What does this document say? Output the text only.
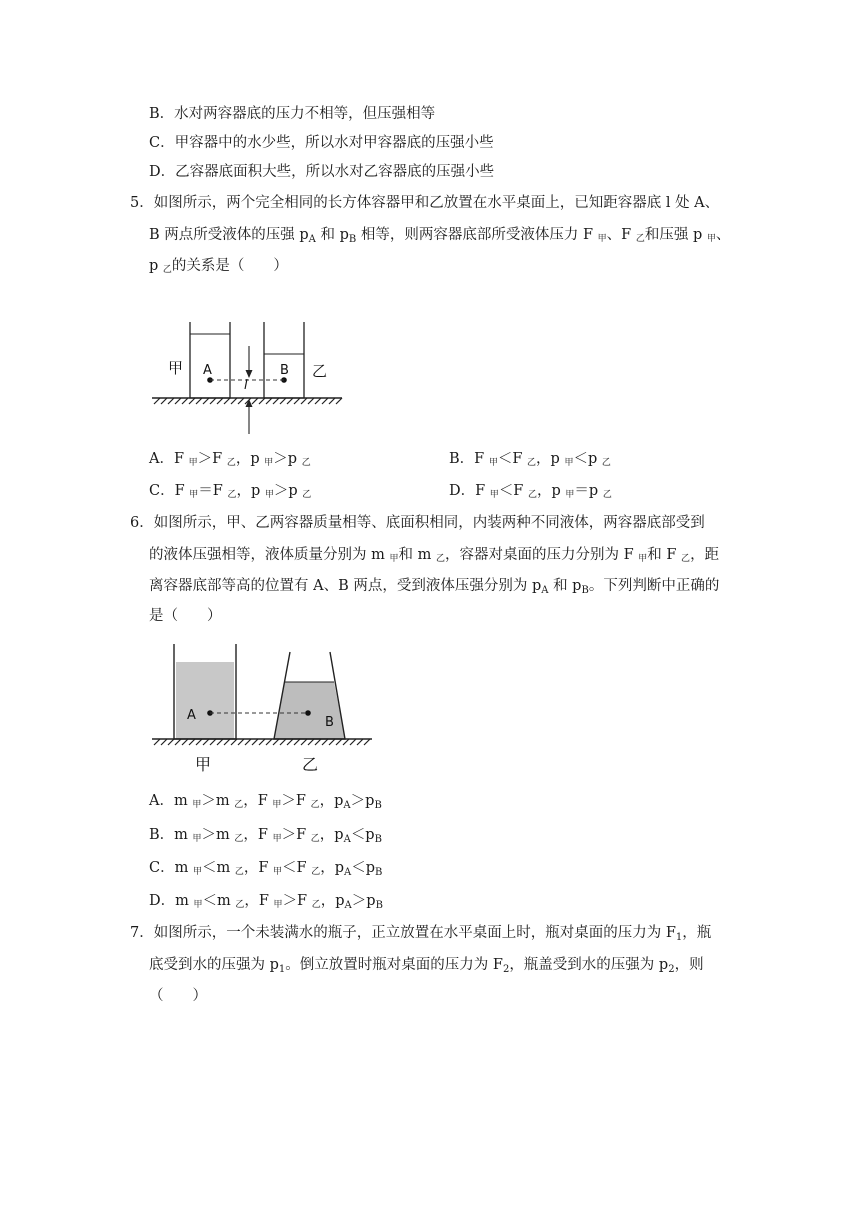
B．水对两容器底的压力不相等，但压强相等
C．甲容器中的水少些，所以水对甲容器底的压强小些
D．乙容器底面积大些，所以水对乙容器底的压强小些
5．如图所示，两个完全相同的长方体容器甲和乙放置在水平桌面上，已知距容器底 l 处 A、
B 两点所受液体的压强 $p_A$ 和 $p_B$ 相等，则两容器底部所受液体压力 F $_甲$、F $_乙$和压强 p $_甲$、
p $_乙$的关系是（　　）
甲	乙
A	B
l
A．F $_甲$＞F $_乙$，p $_甲$＞p $_乙$	B．F $_甲$＜F $_乙$，p $_甲$＜p $_乙$
C．F $_甲$＝F $_乙$，p $_甲$＞p $_乙$	D．F $_甲$＜F $_乙$，p $_甲$＝p $_乙$
6．如图所示，甲、乙两容器质量相等、底面积相同，内装两种不同液体，两容器底部受到
的液体压强相等，液体质量分别为 m $_甲$和 m $_乙$，容器对桌面的压力分别为 F $_甲$和 F $_乙$，距
离容器底部等高的位置有 A、B 两点，受到液体压强分别为 $p_A$ 和 $p_B$。下列判断中正确的
是（　　）
A	B
甲	乙
A．m $_甲$＞m $_乙$，F $_甲$＞F $_乙$，$p_A>p_B$
B．m $_甲$＞m $_乙$，F $_甲$＞F $_乙$，$p_A<p_B$
C．m $_甲$＜m $_乙$，F $_甲$＜F $_乙$，$p_A<p_B$
D．m $_甲$＜m $_乙$，F $_甲$＞F $_乙$，$p_A>p_B$
7．如图所示，一个未装满水的瓶子，正立放置在水平桌面上时，瓶对桌面的压力为 $F_1$，瓶
底受到水的压强为 $p_1$。倒立放置时瓶对桌面的压力为 $F_2$，瓶盖受到水的压强为 $p_2$，则
（　　）
